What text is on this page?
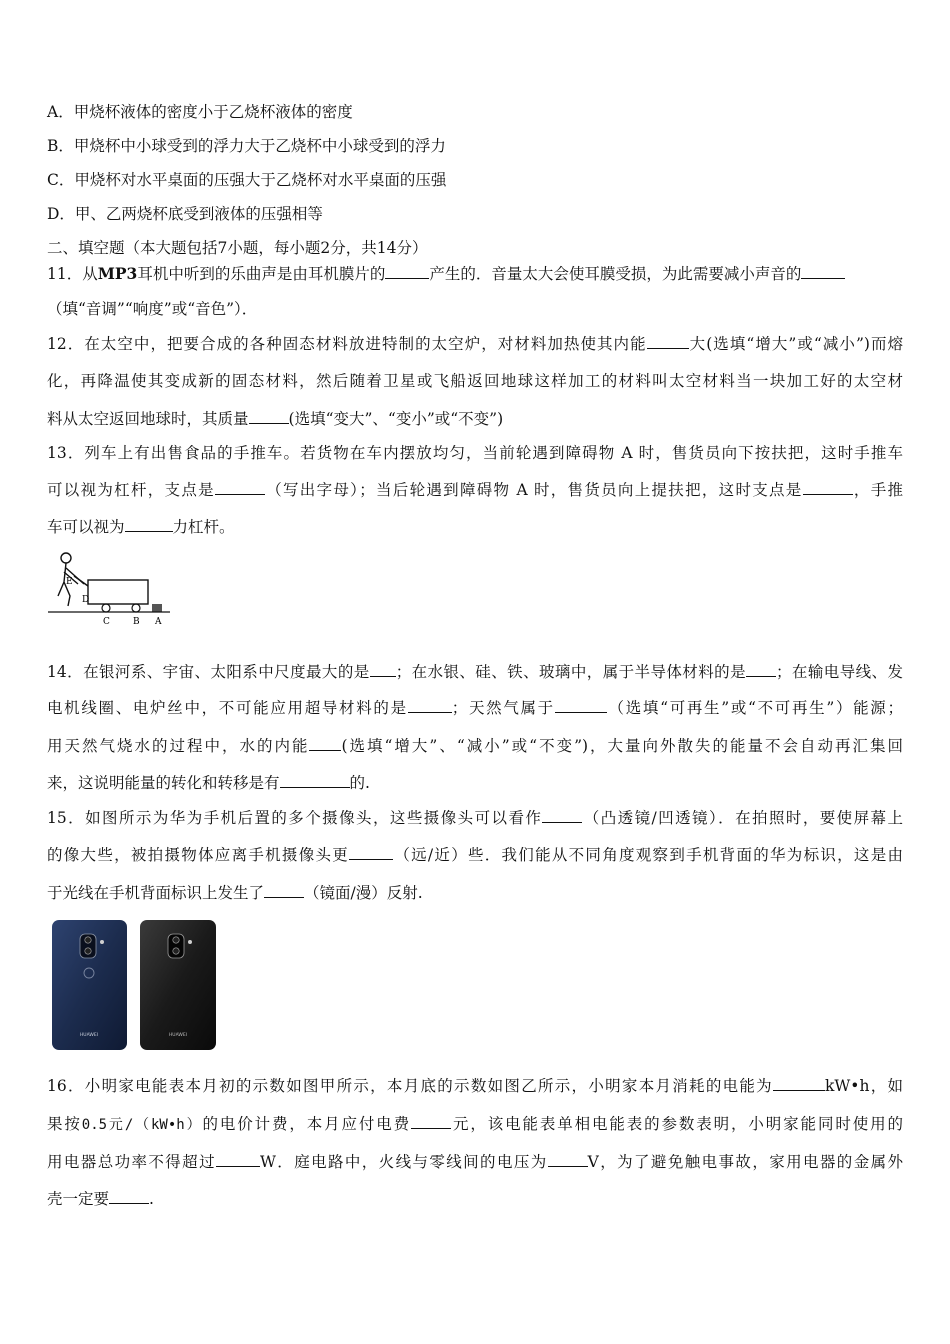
A．甲烧杯液体的密度小于乙烧杯液体的密度
B．甲烧杯中小球受到的浮力大于乙烧杯中小球受到的浮力
C．甲烧杯对水平桌面的压强大于乙烧杯对水平桌面的压强
D．甲、乙两烧杯底受到液体的压强相等
二、填空题（本大题包括7小题，每小题2分，共14分）
11．从MP3耳机中听到的乐曲声是由耳机膜片的	产生的．音量太大会使耳膜受损，为此需要减小声音的
（填“音调”“响度”或“音色”）．
12．在太空中，把要合成的各种固态材料放进特制的太空炉，对材料加热使其内能	大(选填“增大”或“减小”)而熔
化，再降温使其变成新的固态材料，然后随着卫星或飞船返回地球这样加工的材料叫太空材料当一块加工好的太空材
料从太空返回地球时，其质量	(选填“变大”、“变小”或“不变”)
13．列车上有出售食品的手推车。若货物在车内摆放均匀，当前轮遇到障碍物 A 时，售货员向下按扶把，这时手推车
可以视为杠杆，支点是	（写出字母）；当后轮遇到障碍物 A 时，售货员向上提扶把，这时支点是	，手推
车可以视为	力杠杆。
E
D
C	B A
14．在银河系、宇宙、太阳系中尺度最大的是 ；在水银、硅、铁、玻璃中，属于半导体材料的是 ；在输电导线、发
电机线圈、电炉丝中，不可能应用超导材料的是	；天然气属于	（选填“可再生”或“不可再生”）能源；
用天然气烧水的过程中，水的内能 (选填“增大”、“减小”或“不变”)，大量向外散失的能量不会自动再汇集回
来，这说明能量的转化和转移是有	的.
15．如图所示为华为手机后置的多个摄像头，这些摄像头可以看作	（凸透镜/凹透镜）．在拍照时，要使屏幕上
的像大些，被拍摄物体应离手机摄像头更	（远/近）些．我们能从不同角度观察到手机背面的华为标识，这是由
于光线在手机背面标识上发生了	（镜面/漫）反射.
HUAWEI	HUAWEI
16．小明家电能表本月初的示数如图甲所示，本月底的示数如图乙所示，小明家本月消耗的电能为	kW•h，如
果按0.5元/（kW•h）的电价计费，本月应付电费	元，该电能表单相电能表的参数表明，小明家能同时使用的
用电器总功率不得超过	W．庭电路中，火线与零线间的电压为	V，为了避免触电事故，家用电器的金属外
壳一定要	.
